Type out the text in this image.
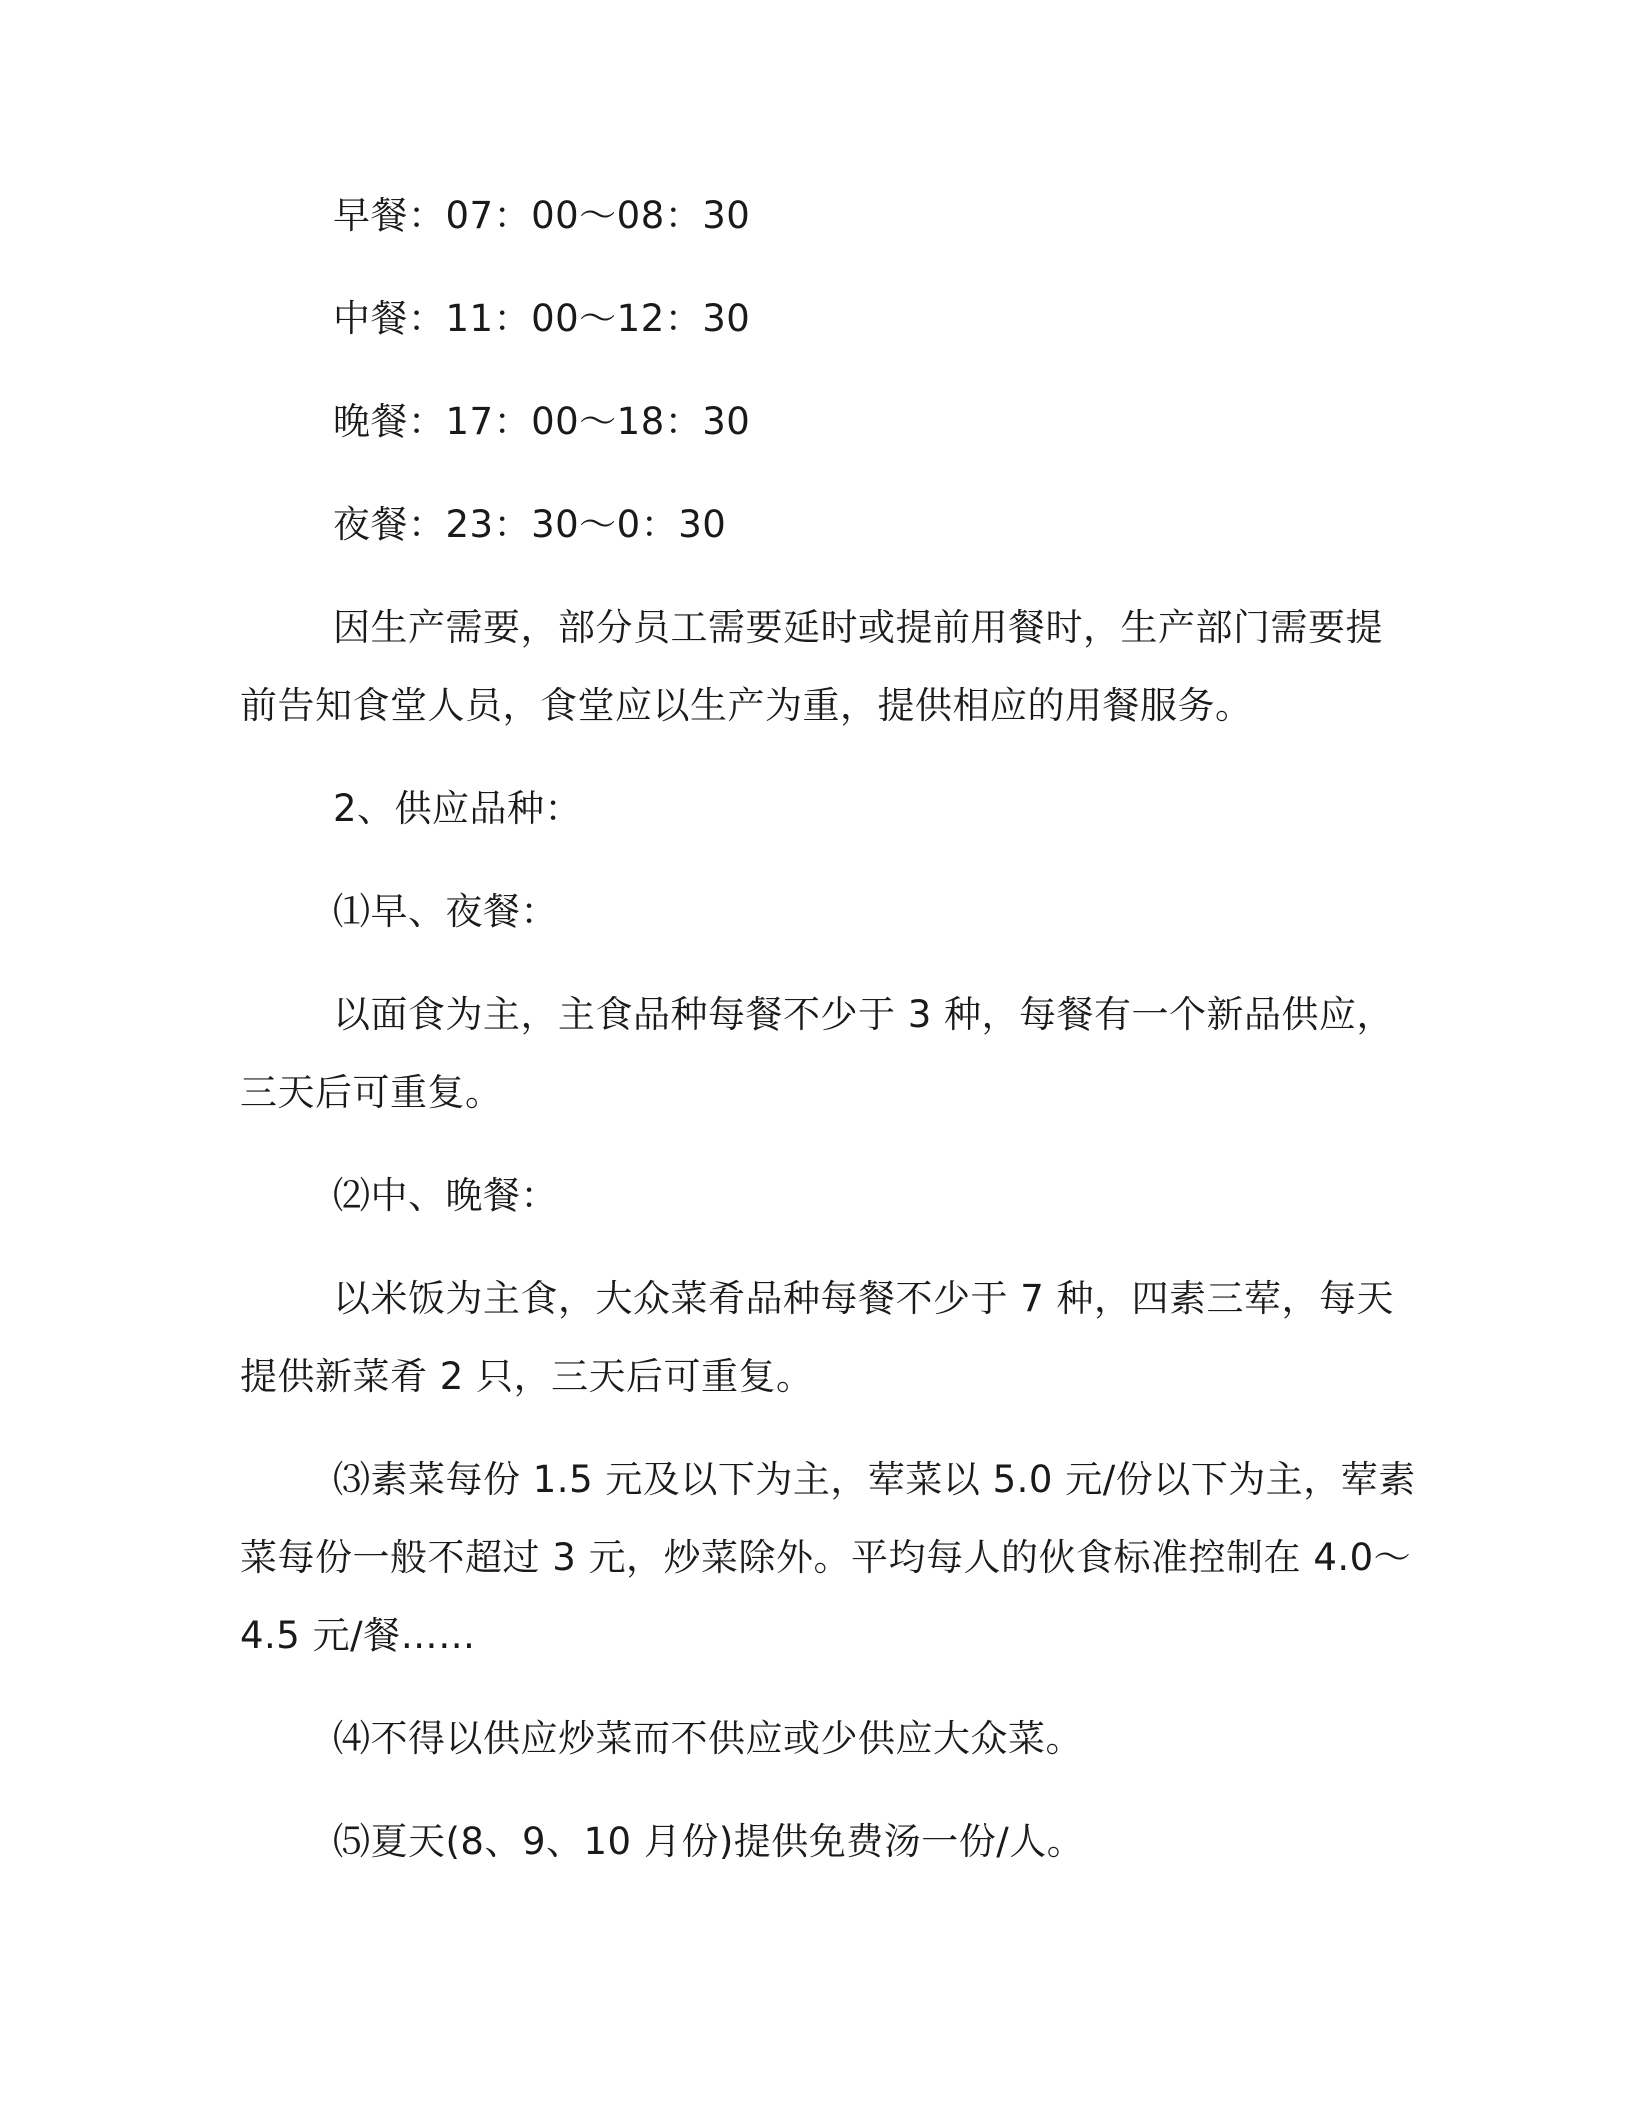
早餐：07：00～08：30
中餐：11：00～12：30
晚餐：17：00～18：30
夜餐：23：30～0：30
因生产需要，部分员工需要延时或提前用餐时，生产部门需要提
前告知食堂人员，食堂应以生产为重，提供相应的用餐服务。
2、供应品种：
⑴早、夜餐：
以面食为主，主食品种每餐不少于 3 种，每餐有一个新品供应，
三天后可重复。
⑵中、晚餐：
以米饭为主食，大众菜肴品种每餐不少于 7 种，四素三荤，每天
提供新菜肴 2 只，三天后可重复。
⑶素菜每份 1.5 元及以下为主，荤菜以 5.0 元/份以下为主，荤素
菜每份一般不超过 3 元，炒菜除外。平均每人的伙食标准控制在 4.0～
4.5 元/餐……
⑷不得以供应炒菜而不供应或少供应大众菜。
⑸夏天(8、9、10 月份)提供免费汤一份/人。
